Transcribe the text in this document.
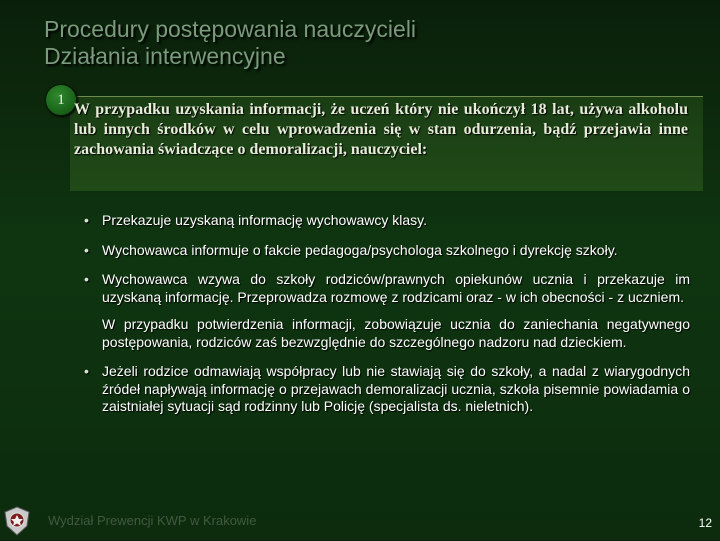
Procedury postępowania nauczycieli
Działania interwencyjne
1
W przypadku uzyskania informacji, że uczeń który nie ukończył 18 lat, używa alkoholu lub innych środków w celu wprowadzenia się w stan odurzenia, bądź przejawia inne zachowania świadczące o demoralizacji, nauczyciel:
• Przekazuje uzyskaną informację wychowawcy klasy.
• Wychowawca informuje o fakcie pedagoga/psychologa szkolnego i dyrekcję szkoły.
• Wychowawca wzywa do szkoły rodziców/prawnych opiekunów ucznia i przekazuje im uzyskaną informację. Przeprowadza rozmowę z rodzicami oraz - w ich obecności - z uczniem.
W przypadku potwierdzenia informacji, zobowiązuje ucznia do zaniechania negatywnego postępowania, rodziców zaś bezwzględnie do szczególnego nadzoru nad dzieckiem.
• Jeżeli rodzice odmawiają współpracy lub nie stawiają się do szkoły, a nadal z wiarygodnych źródeł napływają informację o przejawach demoralizacji ucznia, szkoła pisemnie powiadamia o zaistniałej sytuacji sąd rodzinny lub Policję (specjalista ds. nieletnich).
Wydział Prewencji KWP w Krakowie	12
